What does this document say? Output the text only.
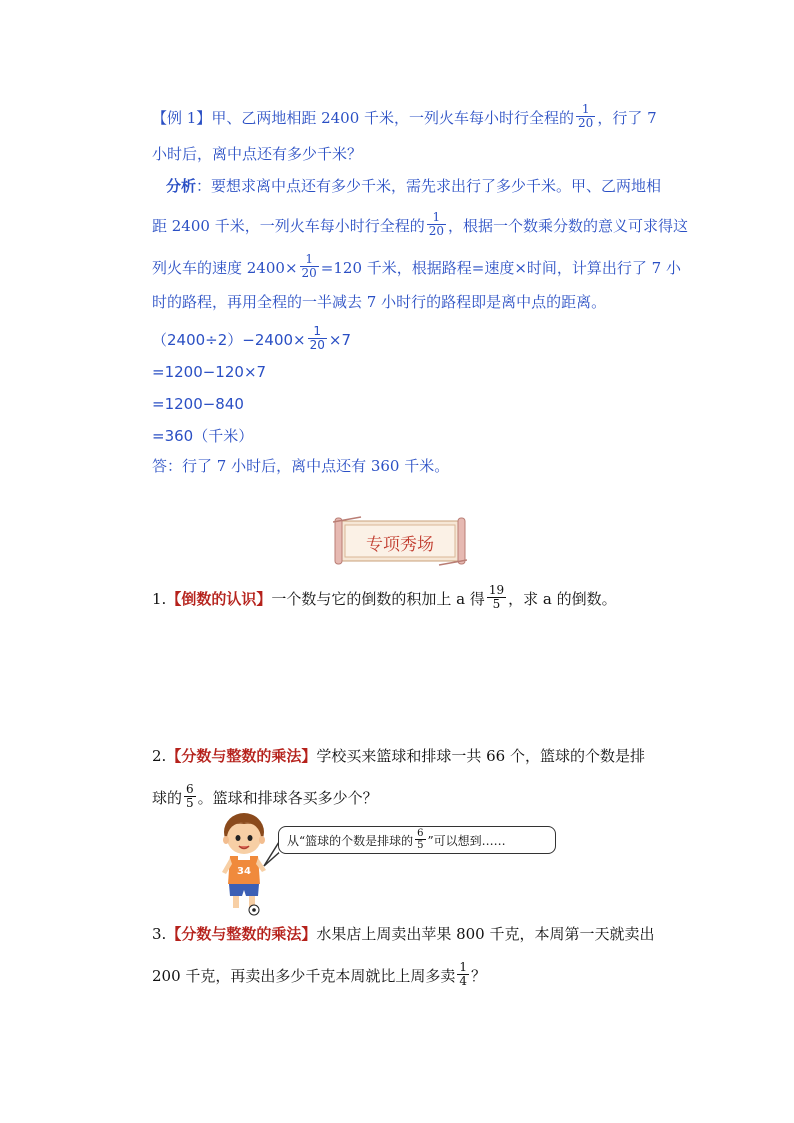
【例 1】 甲、乙两地相距 2400 千米，一列火车每小时行全程的 $\frac{1}{20}$ ，行了 7
小时后，离中点还有多少千米？
分析 ：要想求离中点还有多少千米，需先求出行了多少千米。甲、乙两地相
距 2400 千米，一列火车每小时行全程的 $\frac{1}{20}$ ，根据一个数乘分数的意义可求得这
列火车的速度 $2400\times \frac{1}{20} =120$ 千米，根据路程=速度×时间，计算出行了 7 小
时的路程，再用全程的一半减去 7 小时行的路程即是离中点的距离。
$(2400\div 2)-2400\times \frac{1}{20} \times 7$
=1200−120×7
=1200−840
=360（千米）
答：行了 7 小时后，离中点还有 360 千米。
专项秀场
1. 【倒数的认识】 一个数与它的倒数的积加上 a 得 $\frac{19}{5}$ ，求 a 的倒数。
2. 【分数与整数的乘法】 学校买来篮球和排球一共 66 个，篮球的个数是排
球的 $\frac{6}{5}$ 。篮球和排球各买多少个？
34
从“篮球的个数是排球的 $\frac{6}{5}$ ”可以想到……
3. 【分数与整数的乘法】 水果店上周卖出苹果 800 千克，本周第一天就卖出
200 千克，再卖出多少千克本周就比上周多卖 $\frac{1}{4}$ ？
